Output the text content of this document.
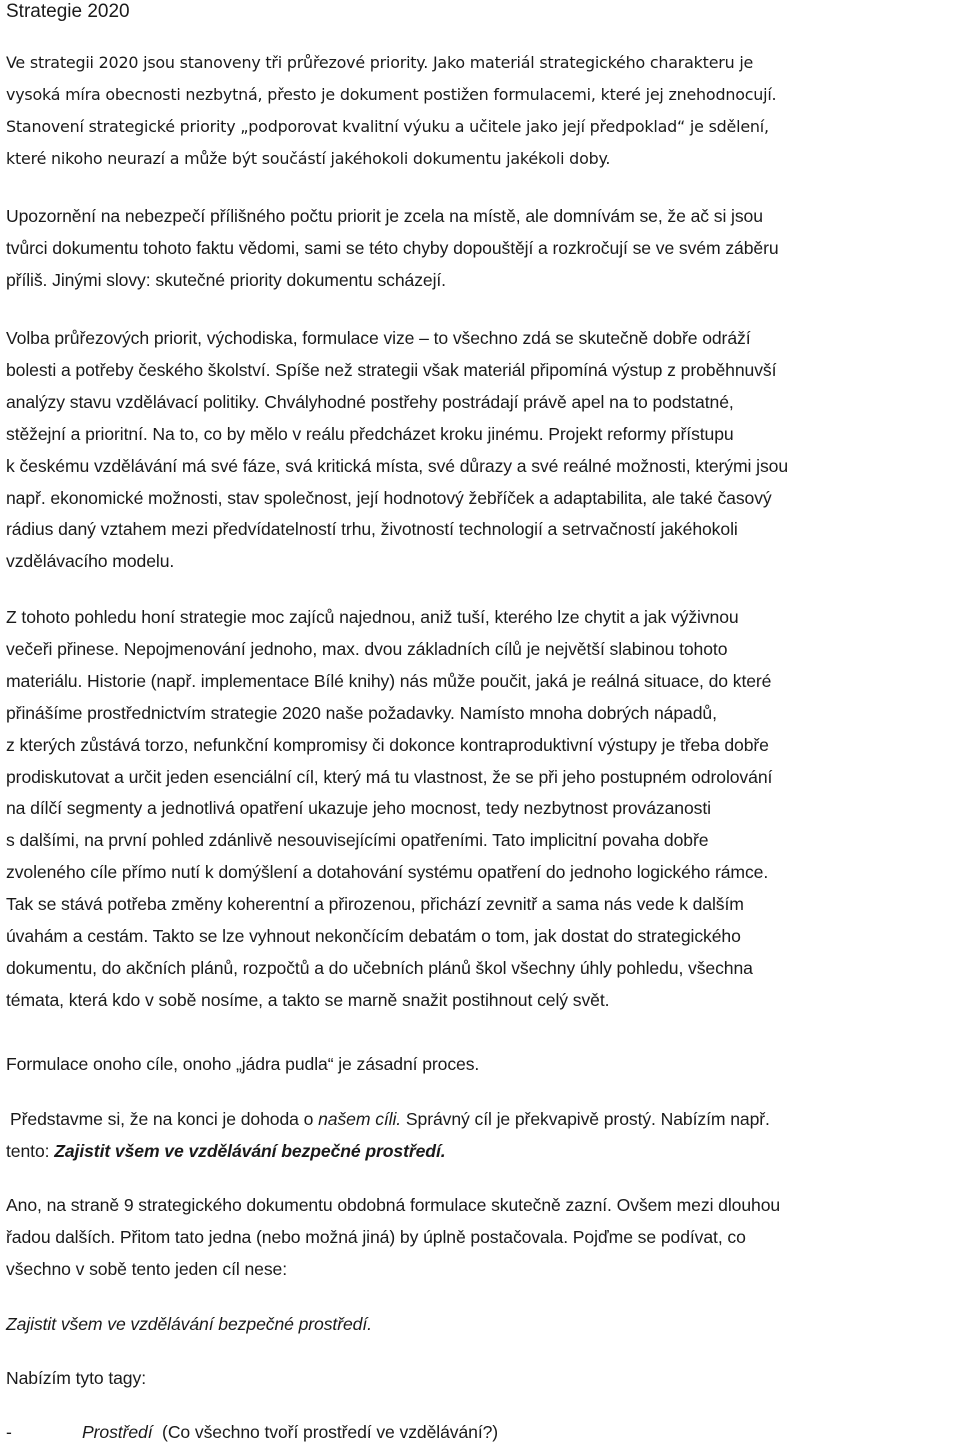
Strategie 2020
Ve strategii 2020 jsou stanoveny tři průřezové priority. Jako materiál strategického charakteru je
vysoká míra obecnosti nezbytná, přesto je dokument postižen formulacemi, které jej znehodnocují.
Stanovení strategické priority „podporovat kvalitní výuku a učitele jako její předpoklad“ je sdělení,
které nikoho neurazí a může být součástí jakéhokoli dokumentu jakékoli doby.
Upozornění na nebezpečí přílišného počtu priorit je zcela na místě, ale domnívám se, že ač si jsou
tvůrci dokumentu tohoto faktu vědomi, sami se této chyby dopouštějí a rozkročují se ve svém záběru
příliš. Jinými slovy: skutečné priority dokumentu scházejí.
Volba průřezových priorit, východiska, formulace vize – to všechno zdá se skutečně dobře odráží
bolesti a potřeby českého školství. Spíše než strategii však materiál připomíná výstup z proběhnuvší
analýzy stavu vzdělávací politiky. Chvályhodné postřehy postrádají právě apel na to podstatné,
stěžejní a prioritní. Na to, co by mělo v reálu předcházet kroku jinému. Projekt reformy přístupu
k českému vzdělávání má své fáze, svá kritická místa, své důrazy a své reálné možnosti, kterými jsou
např. ekonomické možnosti, stav společnost, její hodnotový žebříček a adaptabilita, ale také časový
rádius daný vztahem mezi předvídatelností trhu, životností technologií a setrvačností jakéhokoli
vzdělávacího modelu.
Z tohoto pohledu honí strategie moc zajíců najednou, aniž tuší, kterého lze chytit a jak výživnou
večeři přinese. Nepojmenování jednoho, max. dvou základních cílů je největší slabinou tohoto
materiálu. Historie (např. implementace Bílé knihy) nás může poučit, jaká je reálná situace, do které
přinášíme prostřednictvím strategie 2020 naše požadavky. Namísto mnoha dobrých nápadů,
z kterých zůstává torzo, nefunkční kompromisy či dokonce kontraproduktivní výstupy je třeba dobře
prodiskutovat a určit jeden esenciální cíl, který má tu vlastnost, že se při jeho postupném odrolování
na dílčí segmenty a jednotlivá opatření ukazuje jeho mocnost, tedy nezbytnost provázanosti
s dalšími, na první pohled zdánlivě nesouvisejícími opatřeními. Tato implicitní povaha dobře
zvoleného cíle přímo nutí k domýšlení a dotahování systému opatření do jednoho logického rámce.
Tak se stává potřeba změny koherentní a přirozenou, přichází zevnitř a sama nás vede k dalším
úvahám a cestám. Takto se lze vyhnout nekončícím debatám o tom, jak dostat do strategického
dokumentu, do akčních plánů, rozpočtů a do učebních plánů škol všechny úhly pohledu, všechna
témata, která kdo v sobě nosíme, a takto se marně snažit postihnout celý svět.
Formulace onoho cíle, onoho „jádra pudla“ je zásadní proces.
Představme si, že na konci je dohoda o našem cíli. Správný cíl je překvapivě prostý. Nabízím např.
tento: Zajistit všem ve vzdělávání bezpečné prostředí.
Ano, na straně 9 strategického dokumentu obdobná formulace skutečně zazní. Ovšem mezi dlouhou
řadou dalších. Přitom tato jedna (nebo možná jiná) by úplně postačovala. Pojďme se podívat, co
všechno v sobě tento jeden cíl nese:
Zajistit všem ve vzdělávání bezpečné prostředí.
Nabízím tyto tagy:
-	Prostředí  (Co všechno tvoří prostředí ve vzdělávání?)
